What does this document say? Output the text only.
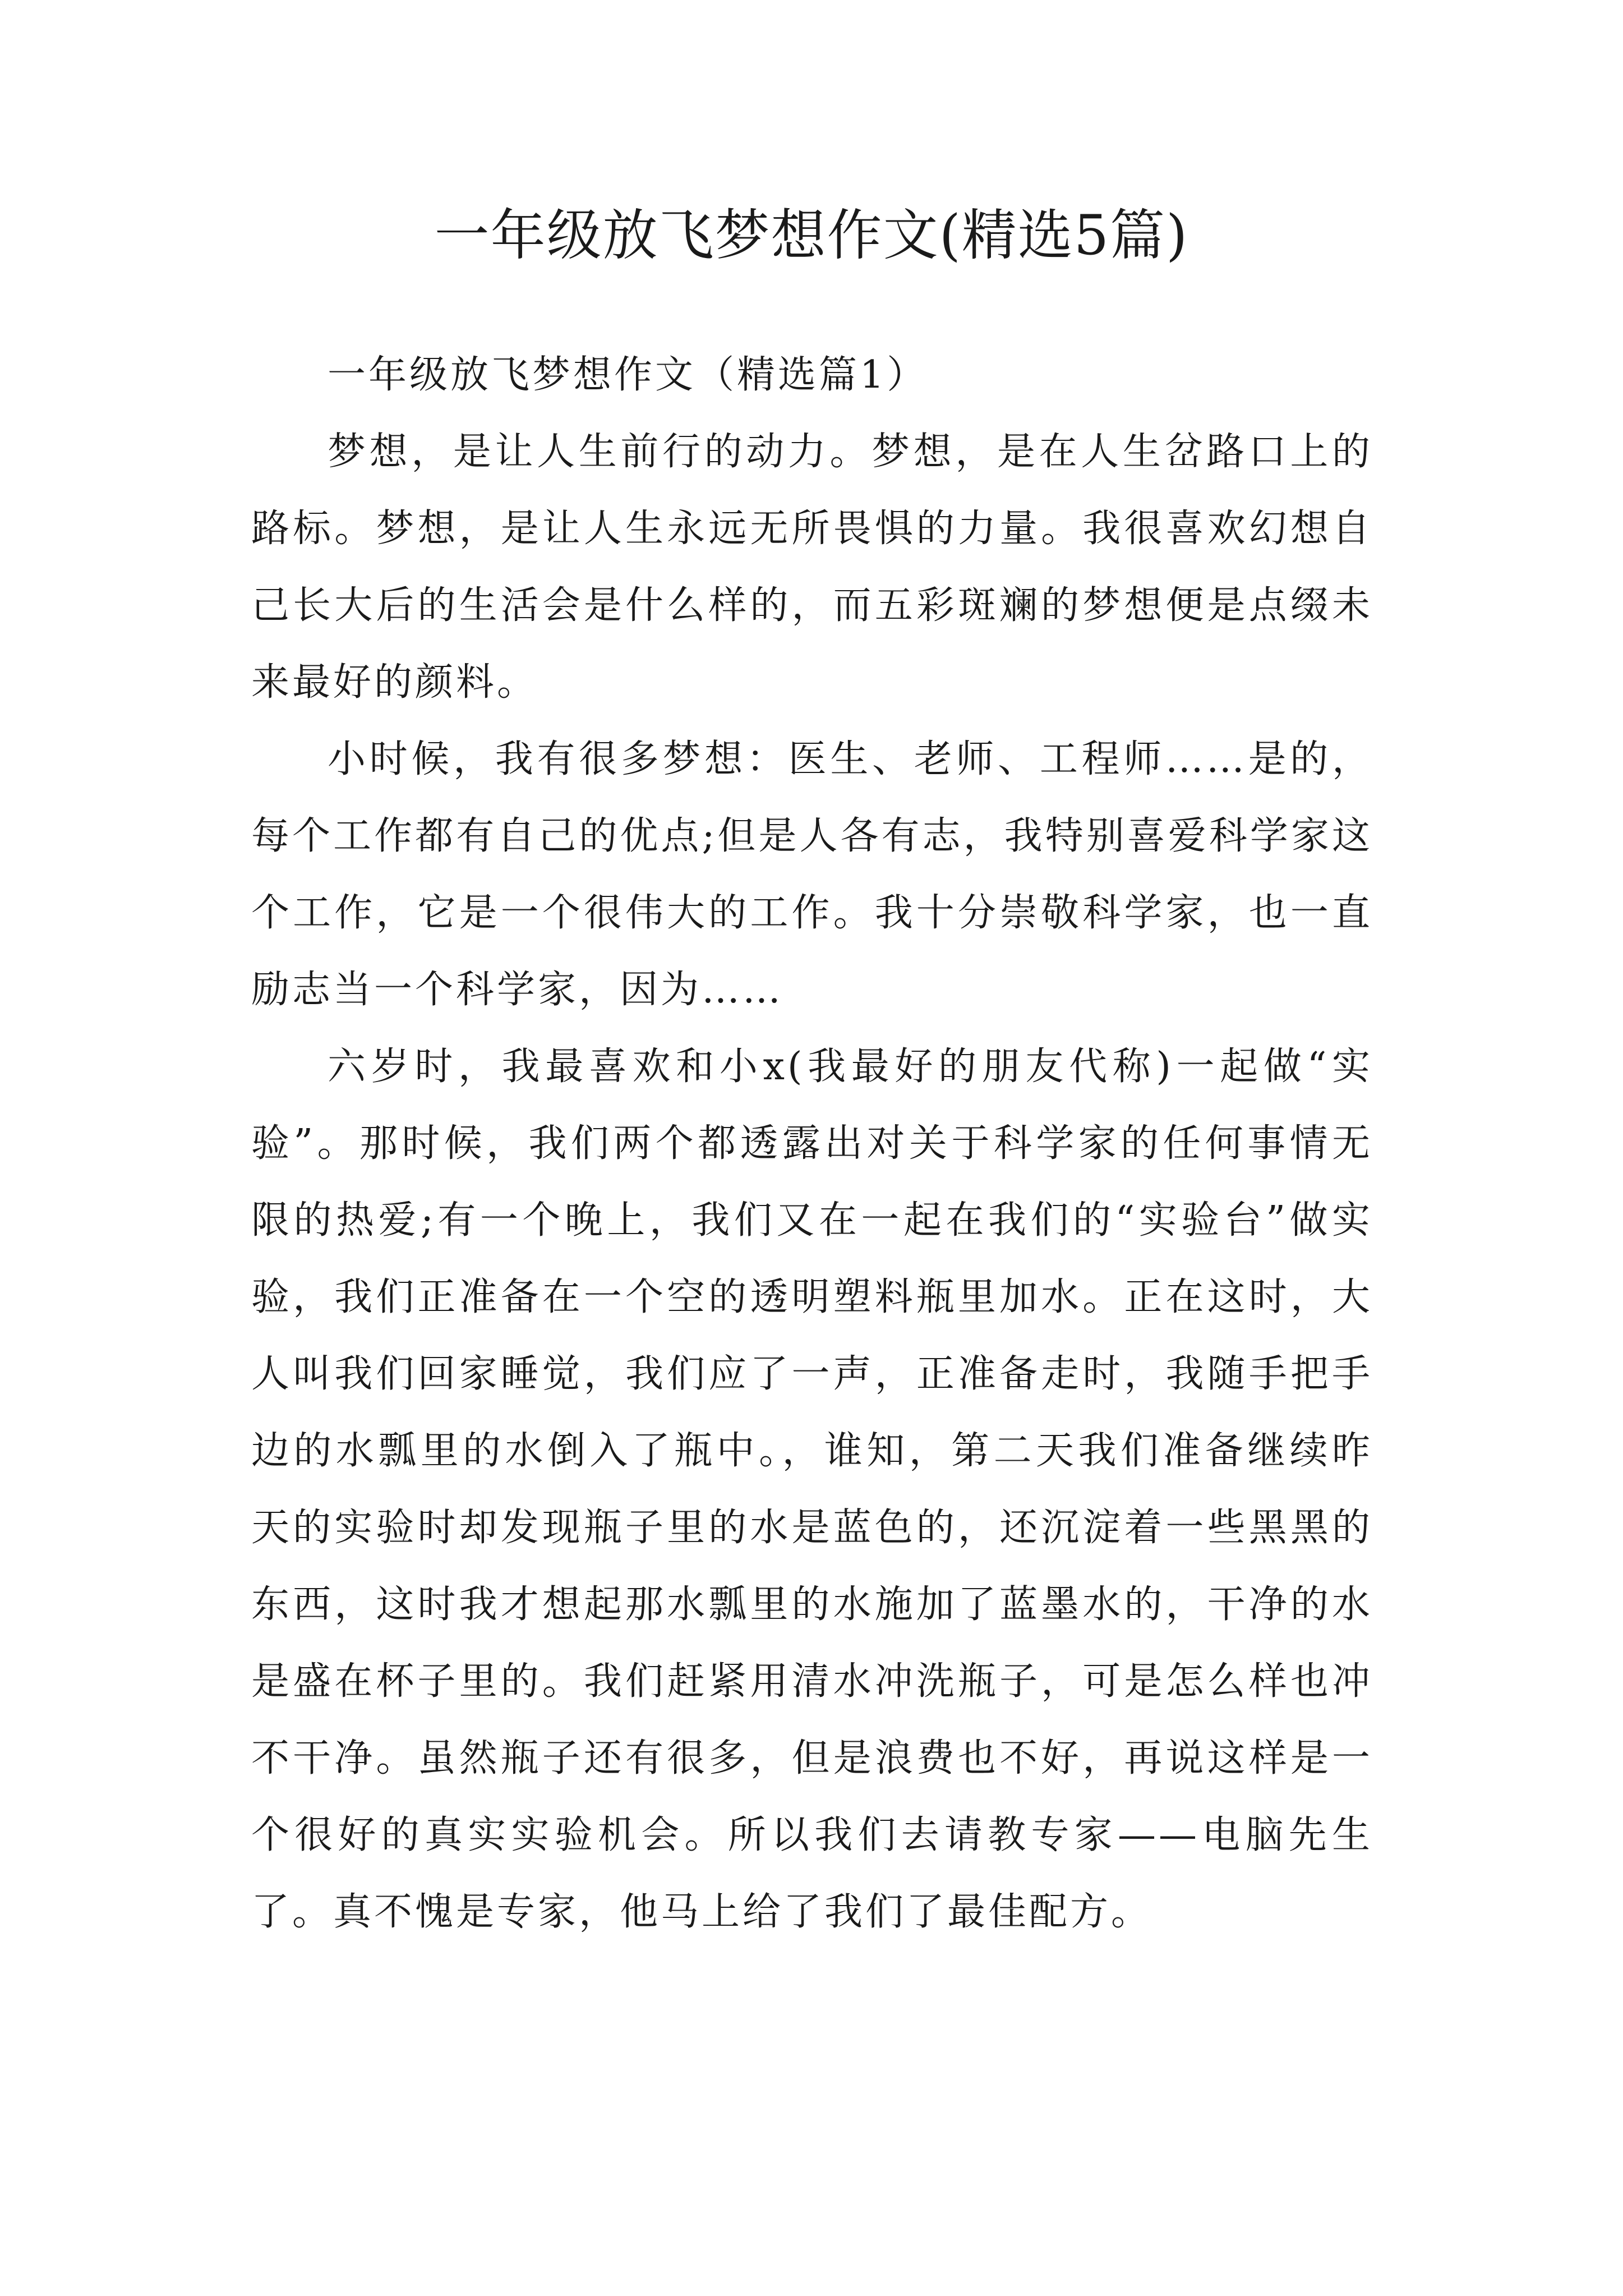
一年级放飞梦想作文(精选5篇)

一年级放飞梦想作文（精选篇1）

梦想，是让人生前行的动力。梦想，是在人生岔路口上的路标。梦想，是让人生永远无所畏惧的力量。我很喜欢幻想自己长大后的生活会是什么样的，而五彩斑斓的梦想便是点缀未来最好的颜料。

小时候，我有很多梦想：医生、老师、工程师……是的，每个工作都有自己的优点;但是人各有志，我特别喜爱科学家这个工作，它是一个很伟大的工作。我十分崇敬科学家，也一直励志当一个科学家，因为……

六岁时，我最喜欢和小x(我最好的朋友代称)一起做“实验”。那时候，我们两个都透露出对关于科学家的任何事情无限的热爱;有一个晚上，我们又在一起在我们的“实验台”做实验，我们正准备在一个空的透明塑料瓶里加水。正在这时，大人叫我们回家睡觉，我们应了一声，正准备走时，我随手把手边的水瓢里的水倒入了瓶中。，谁知，第二天我们准备继续昨天的实验时却发现瓶子里的水是蓝色的，还沉淀着一些黑黑的东西，这时我才想起那水瓢里的水施加了蓝墨水的，干净的水是盛在杯子里的。我们赶紧用清水冲洗瓶子，可是怎么样也冲不干净。虽然瓶子还有很多，但是浪费也不好，再说这样是一个很好的真实实验机会。所以我们去请教专家——电脑先生了。真不愧是专家，他马上给了我们了最佳配方。
